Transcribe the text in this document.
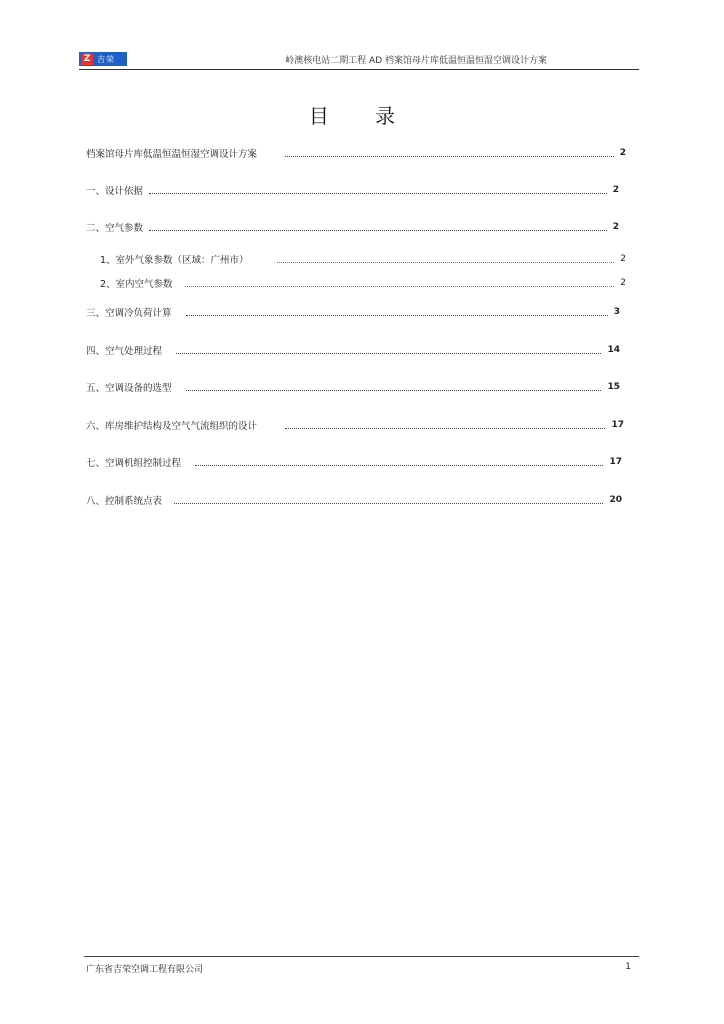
Z 吉荣	岭澳核电站二期工程 AD 档案馆母片库低温恒温恒湿空调设计方案
目 录
档案馆母片库低温恒温恒湿空调设计方案	2
一、设计依据	2
二、空气参数	2
1、室外气象参数（区域：广州市）	2
2、室内空气参数	2
三、空调冷负荷计算	3
四、空气处理过程	14
五、空调设备的选型	15
六、库房维护结构及空气气流组织的设计	17
七、空调机组控制过程	17
八、控制系统点表	20
广东省吉荣空调工程有限公司	1
